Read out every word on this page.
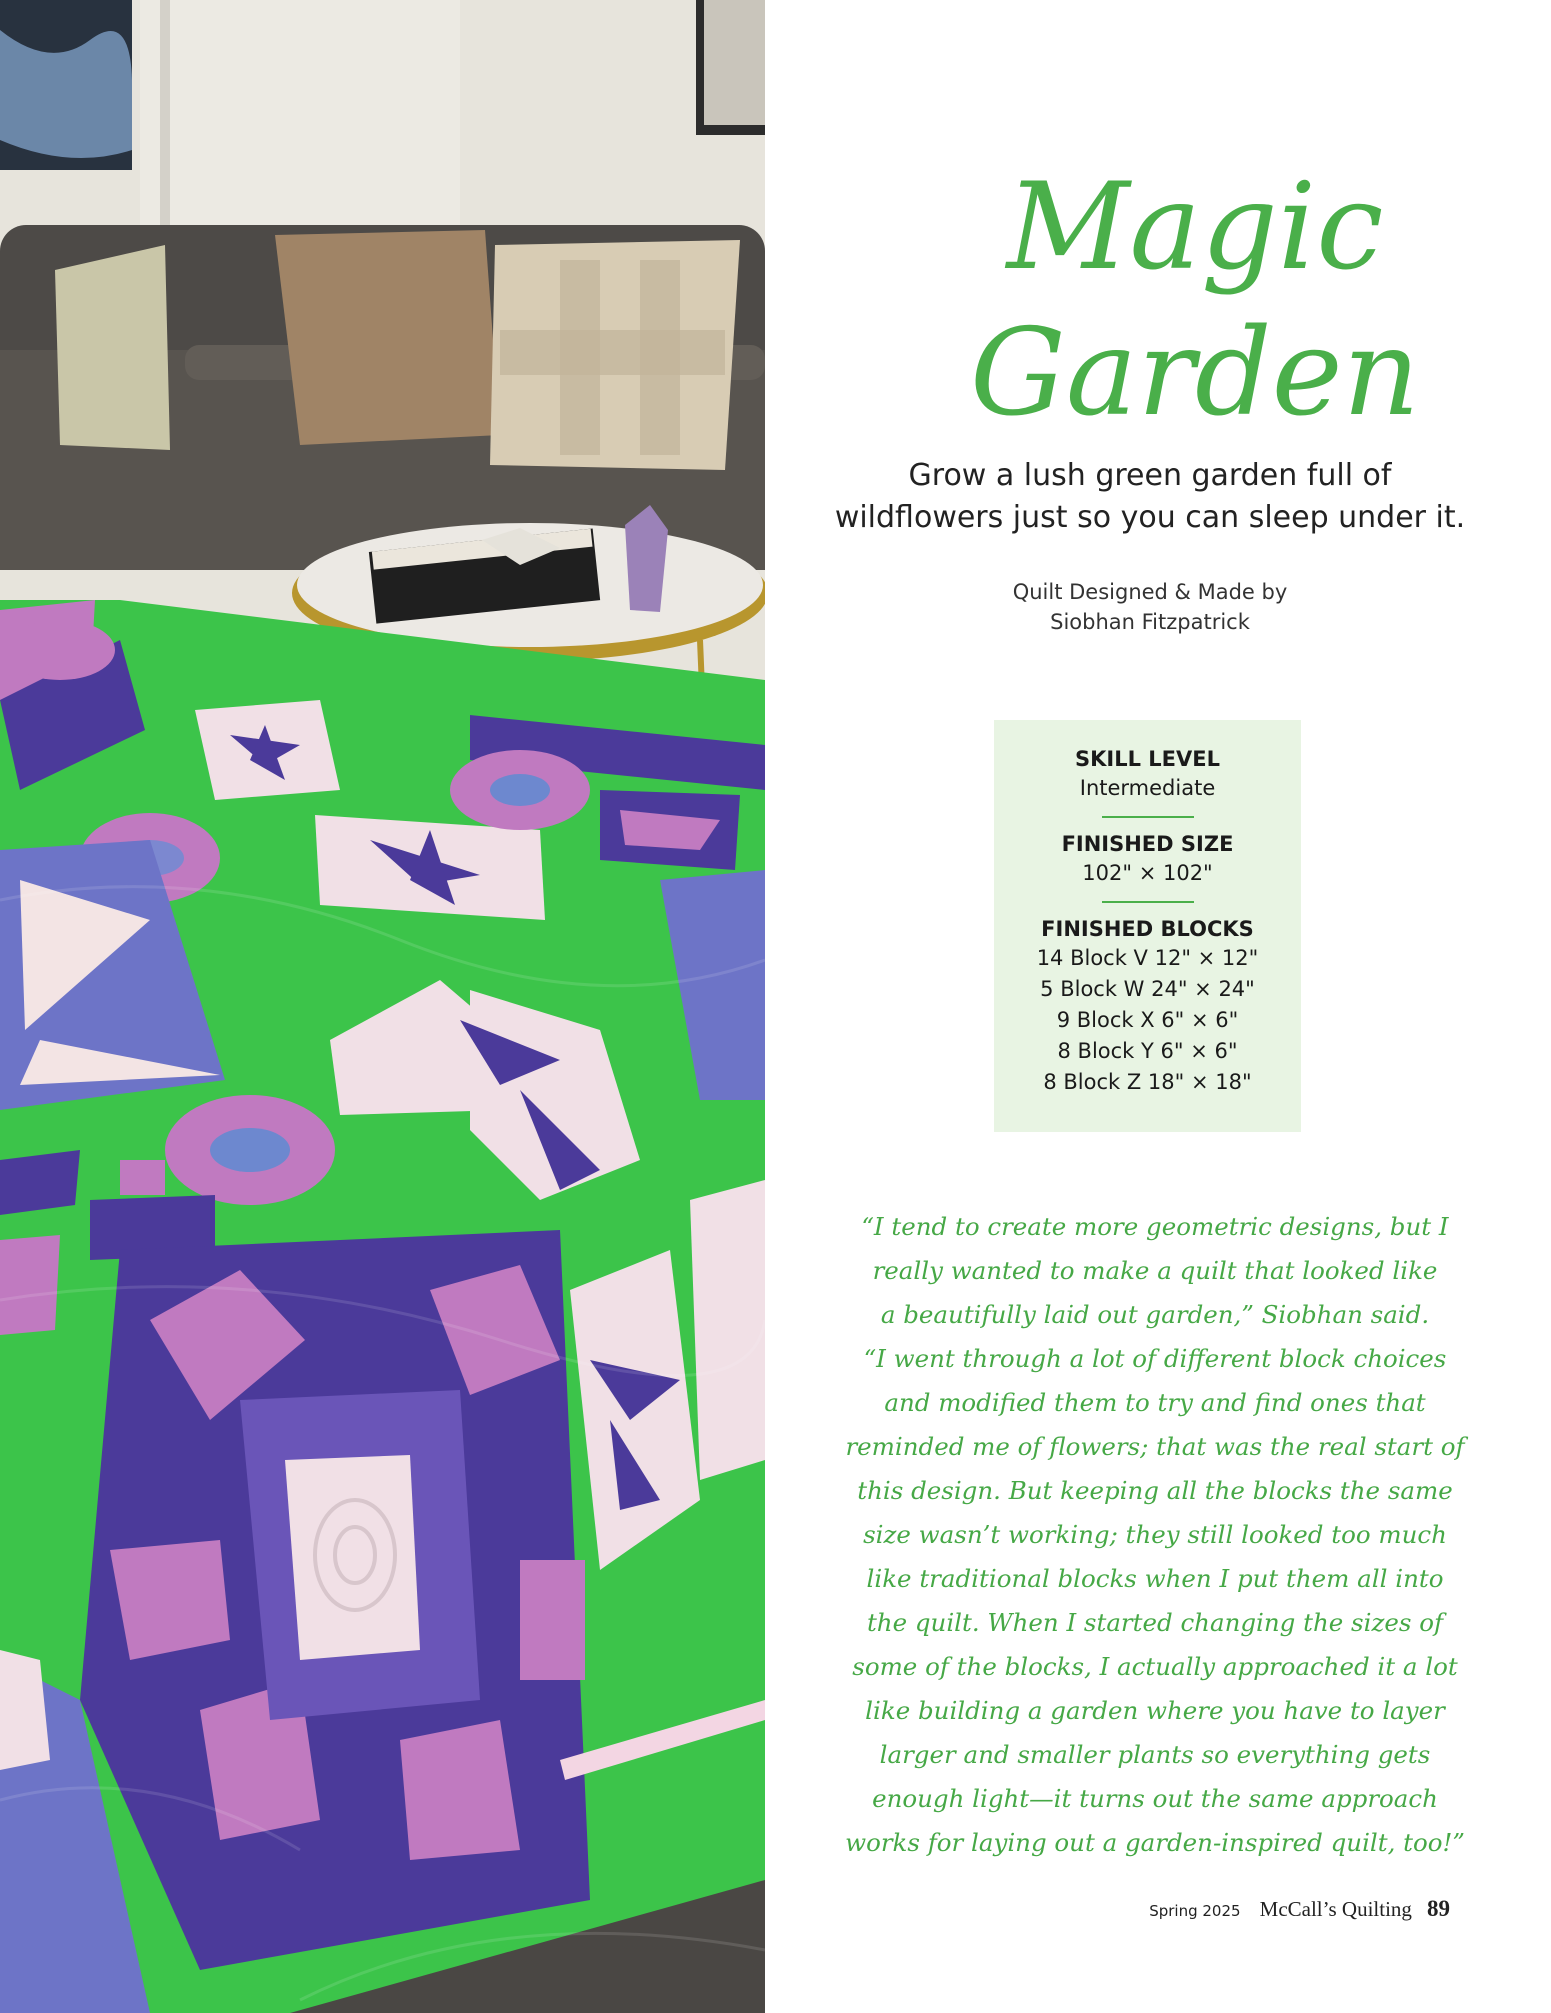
Magic
Garden
Grow a lush green garden full of
wildflowers just so you can sleep under it.
Quilt Designed & Made by
Siobhan Fitzpatrick

SKILL LEVEL

Intermediate

FINISHED SIZE

102" × 102"

FINISHED BLOCKS

14 Block V 12" × 12"

5 Block W 24" × 24"

9 Block X 6" × 6"

8 Block Y 6" × 6"

8 Block Z 18" × 18"

“I tend to create more geometric designs, but I

really wanted to make a quilt that looked like

a beautifully laid out garden,” Siobhan said.

“I went through a lot of different block choices

and modified them to try and find ones that

reminded me of flowers; that was the real start of

this design. But keeping all the blocks the same

size wasn’t working; they still looked too much

like traditional blocks when I put them all into

the quilt. When I started changing the sizes of

some of the blocks, I actually approached it a lot

like building a garden where you have to layer

larger and smaller plants so everything gets

enough light—it turns out the same approach

works for laying out a garden-inspired quilt, too!”

Spring 2025 McCall’s Quilting 89
